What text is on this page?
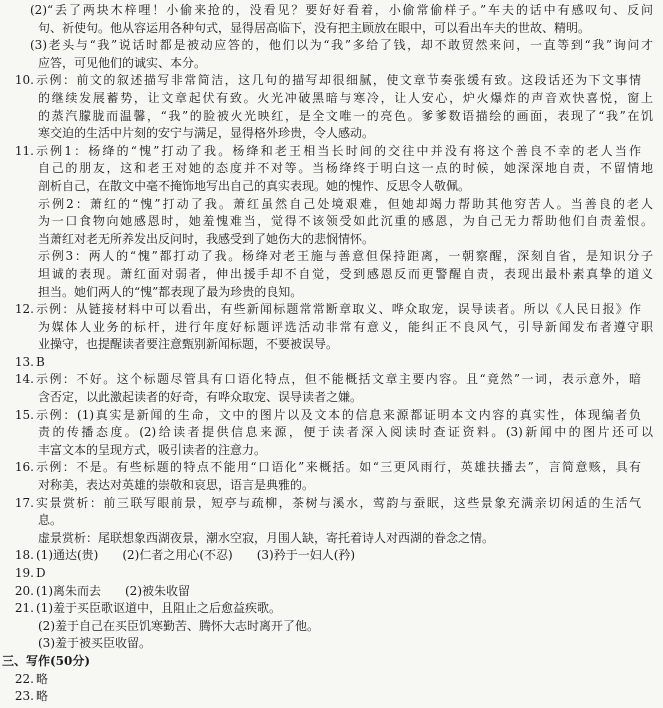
(2)“丢了两块木梓哩！小偷来抢的，没看见？要好好看着，小偷常偷样子。”车夫的话中有感叹句、反问
句、祈使句。他从容运用各种句式，显得居高临下，没有把主顾放在眼中，可以看出车夫的世故、精明。
(3)老头与“我”说话时都是被动应答的，他们以为“我”多给了钱，却不敢贸然来问，一直等到“我”询问才
应答，可见他们的诚实、本分。
10. 示例：前文的叙述描写非常简洁，这几句的描写却很细腻，使文章节奏张缓有致。这段话还为下文事情
的继续发展蓄势，让文章起伏有致。火光冲破黑暗与寒冷，让人安心，炉火爆炸的声音欢快喜悦，窗上
的蒸汽朦胧而温馨，“我”的脸被火光映红，是全文唯一的亮色。爹爹数语描绘的画面，表现了“我”在饥
寒交迫的生活中片刻的安宁与满足，显得格外珍贵，令人感动。
11. 示例1：杨绛的“愧”打动了我。杨绛和老王相当长时间的交往中并没有将这个善良不幸的老人当作
自己的朋友，这和老王对她的态度并不对等。当杨绛终于明白这一点的时候，她深深地自责，不留情地
剖析自己，在散文中毫不掩饰地写出自己的真实表现。她的愧怍、反思令人敬佩。
示例2：萧红的“愧”打动了我。萧红虽然自己处境艰难，但她却竭力帮助其他穷苦人。当善良的老人
为一口食物向她感恩时，她羞愧难当，觉得不该领受如此沉重的感恩，为自己无力帮助他们自责羞恨。
当萧红对老无所养发出反问时，我感受到了她伤大的悲悯情怀。
示例3：两人的“愧”都打动了我。杨绛对老王施与善意但保持距离，一朝察醒，深刻自省，是知识分子
坦诚的表现。萧红面对弱者，伸出援手却不自觉，受到感恩反而更警醒自责，表现出最朴素真挚的道义
担当。她们两人的“愧”都表现了最为珍贵的良知。
12. 示例：从链接材料中可以看出，有些新闻标题常常断章取义、哗众取宠，误导读者。所以《人民日报》作
为媒体人业务的标杆，进行年度好标题评选活动非常有意义，能纠正不良风气，引导新闻发布者遵守职
业操守，也提醒读者要注意甄别新闻标题，不要被误导。
13. B
14. 示例：不好。这个标题尽管具有口语化特点，但不能概括文章主要内容。且“竟然”一词，表示意外，暗
含否定，以此激起读者的好奇，有哗众取宠、误导读者之嫌。
15. 示例：(1)真实是新闻的生命，文中的图片以及文本的信息来源都证明本文内容的真实性，体现编者负
责的传播态度。(2)给读者提供信息来源，便于读者深入阅读时查证资料。(3)新闻中的图片还可以
丰富文本的呈现方式，吸引读者的注意力。
16. 示例：不是。有些标题的特点不能用“口语化”来概括。如“三更风雨行，英雄扶播去”，言简意赅，具有
对称美，表达对英雄的崇敬和哀思，语言是典雅的。
17. 实景赏析：前三联写眼前景，短亭与疏柳，茶树与溪水，莺韵与蚕眠，这些景象充满亲切闲适的生活气
息。
虚景赏析：尾联想象西湖夜景，潮水空寂，月围人缺，寄托着诗人对西湖的眷念之情。
18. (1)通达(贵)　　(2)仁者之用心(不忍)　　(3)矜于一妇人(矜)
19. D
20. (1)离朱而去　　(2)被朱收留
21. (1)羞于买臣歌讴道中，且阻止之后愈益疾歌。
(2)羞于自己在买臣饥寒勤苦、腾怀大志时离开了他。
(3)羞于被买臣收留。
三、写作(50分)
22. 略
23. 略
